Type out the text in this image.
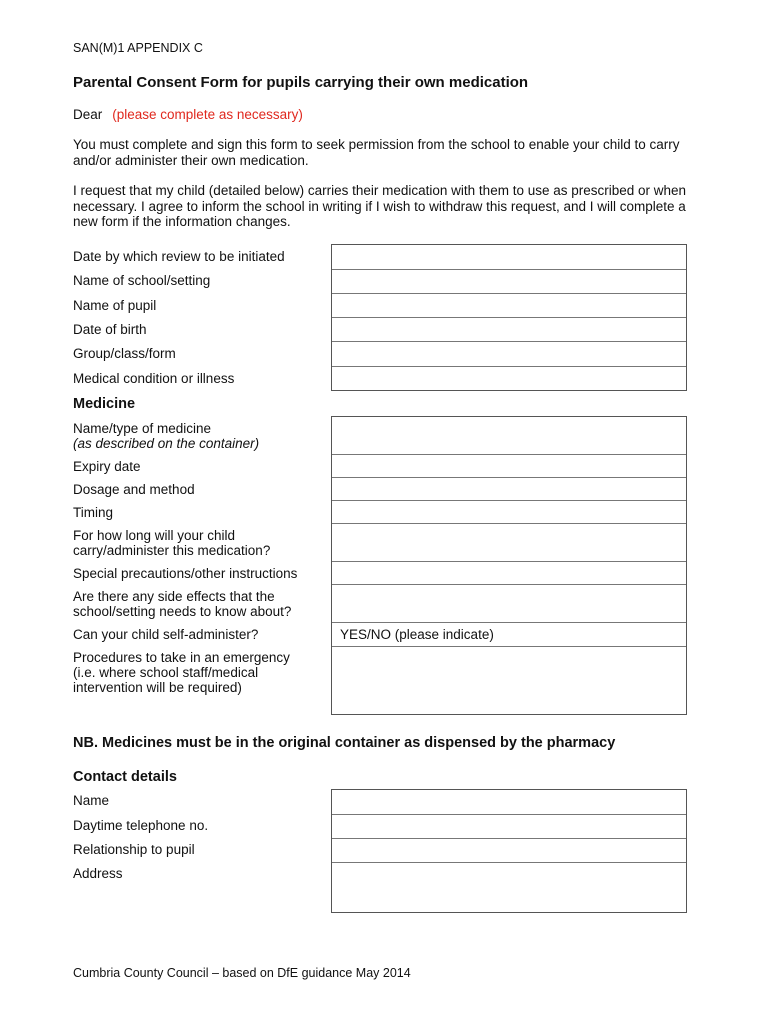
SAN(M)1 APPENDIX C
Parental Consent Form for pupils carrying their own medication
Dear (please complete as necessary)
You must complete and sign this form to seek permission from the school to enable your child to carry and/or administer their own medication.
I request that my child (detailed below) carries their medication with them to use as prescribed or when necessary. I agree to inform the school in writing if I wish to withdraw this request, and I will complete a new form if the information changes.
Date by which review to be initiated
Name of school/setting
Name of pupil
Date of birth
Group/class/form
Medical condition or illness
Medicine
Name/type of medicine
(as described on the container)
Expiry date
Dosage and method
Timing
For how long will your child carry/administer this medication?
Special precautions/other instructions
Are there any side effects that the school/setting needs to know about?
Can your child self-administer?
Procedures to take in an emergency (i.e. where school staff/medical intervention will be required)
YES/NO (please indicate)
NB. Medicines must be in the original container as dispensed by the pharmacy
Contact details
Name
Daytime telephone no.
Relationship to pupil
Address
Cumbria County Council – based on DfE guidance May 2014
